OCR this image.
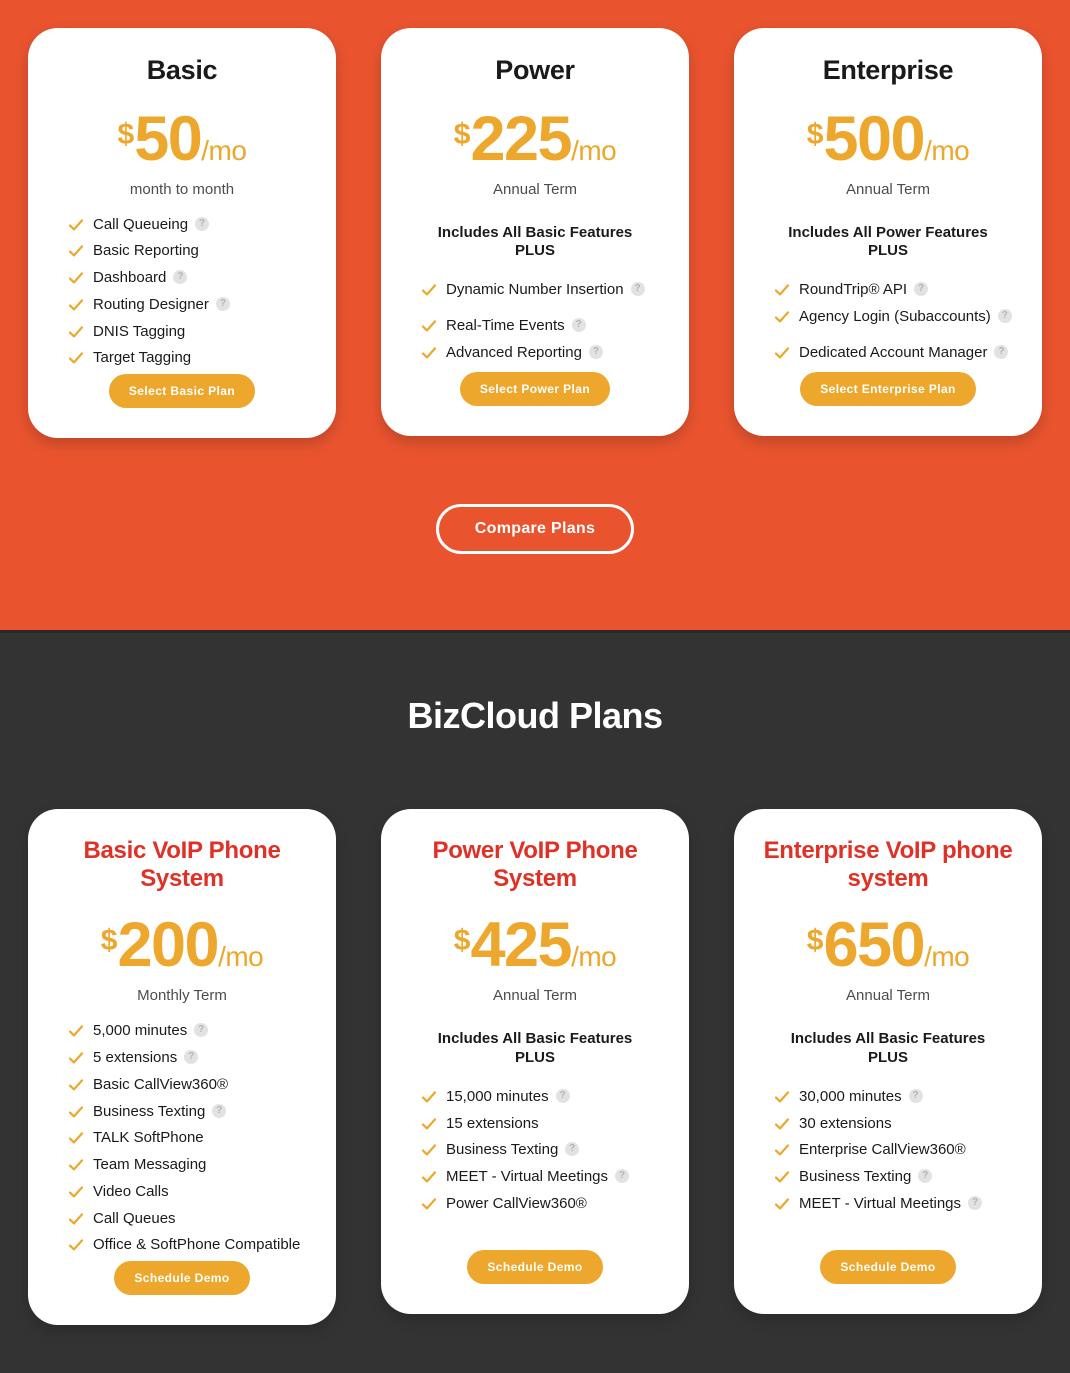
Basic
$ 50 /mo
month to month
Call Queueing ?
Basic Reporting
Dashboard ?
Routing Designer ?
DNIS Tagging
Target Tagging
Select Basic Plan
Power
$ 225 /mo
Annual Term
Includes All Basic Features
PLUS
Dynamic Number Insertion ?
Real-Time Events ?
Advanced Reporting ?
Select Power Plan
Enterprise
$ 500 /mo
Annual Term
Includes All Power Features
PLUS
RoundTrip® API ?
Agency Login (Subaccounts) ?
Dedicated Account Manager ?
Select Enterprise Plan
Compare Plans
BizCloud Plans
Basic VoIP Phone System
$ 200 /mo
Monthly Term
5,000 minutes ?
5 extensions ?
Basic CallView360®
Business Texting ?
TALK SoftPhone
Team Messaging
Video Calls
Call Queues
Office & SoftPhone Compatible
Schedule Demo
Power VoIP Phone System
$ 425 /mo
Annual Term
Includes All Basic Features
PLUS
15,000 minutes ?
15 extensions
Business Texting ?
MEET - Virtual Meetings ?
Power CallView360®
Schedule Demo
Enterprise VoIP phone system
$ 650 /mo
Annual Term
Includes All Basic Features
PLUS
30,000 minutes ?
30 extensions
Enterprise CallView360®
Business Texting ?
MEET - Virtual Meetings ?
Schedule Demo
